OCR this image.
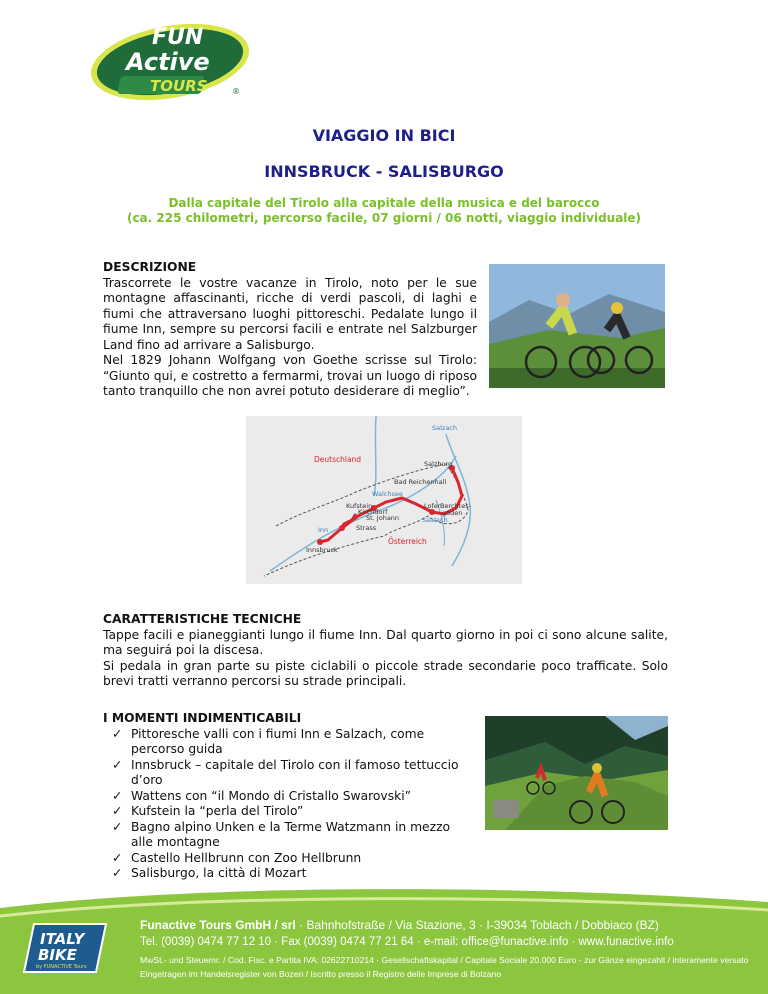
FUN
Active
TOURS	®
VIAGGIO IN BICI
INNSBRUCK - SALISBURGO
Dalla capitale del Tirolo alla capitale della musica e del barocco
(ca. 225 chilometri, percorso facile, 07 giorni / 06 notti, viaggio individuale)
DESCRIZIONE

Trascorrete le vostre vacanze in Tirolo, noto per le sue montagne affascinanti, ricche di verdi pascoli, di laghi e fiumi che attraversano luoghi pittoreschi. Pedalate lungo il fiume Inn, sempre su percorsi facili e entrate nel Salzburger Land fino ad arrivare a Salisburgo.

Nel 1829 Johann Wolfgang von Goethe scrisse sul Tirolo: “Giunto qui, e costretto a fermarmi, trovai un luogo di riposo tanto tranquillo che non avrei potuto desiderare di meglio”.

Deutschland
Österreich
Salzach
Salzburg
Bad Reichenhall
Walchsee
Kufstein
Kirchdorf
St. Johann
Lofer Berchtes-
gaden
Saalach
Inn	Strass
Innsbruck
CARATTERISTICHE TECNICHE

Tappe facili e pianeggianti lungo il fiume Inn. Dal quarto giorno in poi ci sono alcune salite, ma seguirá poi la discesa.

Si pedala in gran parte su piste ciclabili o piccole strade secondarie poco trafficate. Solo brevi tratti verranno percorsi su strade principali.

I MOMENTI INDIMENTICABILI
✓ Pittoresche valli con i fiumi Inn e Salzach, come percorso guida
✓ Innsbruck – capitale del Tirolo con il famoso tettuccio d’oro
✓ Wattens con “il Mondo di Cristallo Swarovski”
✓ Kufstein la “perla del Tirolo”
✓ Bagno alpino Unken e la Terme Watzmann in mezzo alle montagne
✓ Castello Hellbrunn con Zoo Hellbrunn
✓ Salisburgo, la città di Mozart
ITALY
BIKE
by FUNACTIVE Tours
Funactive Tours GmbH / srl · Bahnhofstraße / Via Stazione, 3 · I-39034 Toblach / Dobbiaco (BZ)
Tel. (0039) 0474 77 12 10 · Fax (0039) 0474 77 21 64 · e-mail: office@funactive.info · www.funactive.info
MwSt.- und Steuernr. / Cod. Fisc. e Partita IVA: 02622710214 · Gesellschaftskapital / Capitale Sociale 20.000 Euro - zur Gänze eingezahlt / interamente versato
Eingetragen im Handelsregister von Bozen / Iscritto presso il Registro delle Imprese di Bolzano
